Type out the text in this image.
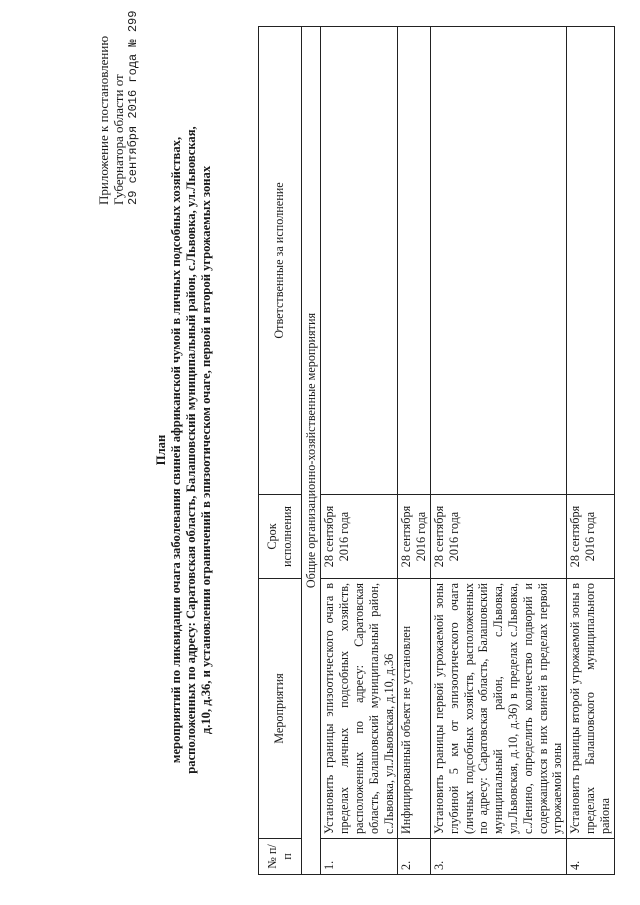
Приложение к постановлению Губернатора области от 29 сентября 2016 года № 299
План мероприятий по ликвидации очага заболевания свиней африканской чумой в личных подсобных хозяйствах, расположенных по адресу: Саратовская область, Балашовский муниципальный район, с.Львовка, ул.Львовская, д.10, д.36, и установлении ограничений в эпизоотическом очаге, первой и второй угрожаемых зонах
№ п/п	Мероприятия	Срок исполнения	Ответственные за исполнение
Общие организационно-хозяйственные мероприятия			
1.	Установить границы эпизоотического очага в пределах личных подсобных хозяйств, расположенных по адресу: Саратовская область, Балашовский муниципальный район, с.Львовка, ул.Львовская, д.10, д.36	28 сентября 2016 года	
2.	Инфицированный объект не установлен	28 сентября 2016 года	
3.	Установить границы первой угрожаемой зоны глубиной 5 км от эпизоотического очага (личных подсобных хозяйств, расположенных по адресу: Саратовская область, Балашовский муниципальный район, с.Львовка, ул.Львовская, д.10, д.36) в пределах с.Львовка, с.Ленино, определить количество подворий и содержащихся в них свиней в пределах первой угрожаемой зоны	28 сентября 2016 года	
4.	Установить границы второй угрожаемой зоны в пределах Балашовского муниципального района	28 сентября 2016 года	
